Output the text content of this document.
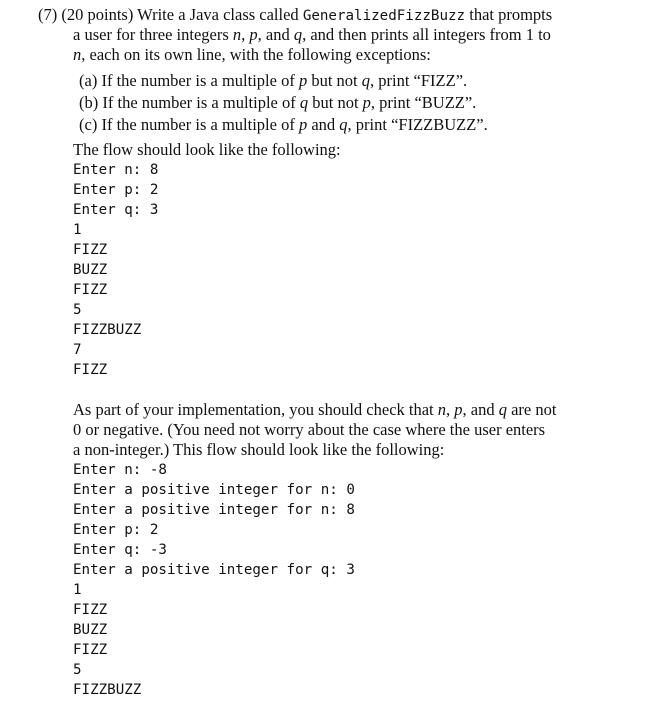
(7) (20 points) Write a Java class called GeneralizedFizzBuzz that prompts
a user for three integers n, p, and q, and then prints all integers from 1 to
n, each on its own line, with the following exceptions:
(a) If the number is a multiple of p but not q, print “FIZZ”.
(b) If the number is a multiple of q but not p, print “BUZZ”.
(c) If the number is a multiple of p and q, print “FIZZBUZZ”.
The flow should look like the following:
Enter n: 8
Enter p: 2
Enter q: 3
1
FIZZ
BUZZ
FIZZ
5
FIZZBUZZ
7
FIZZ
As part of your implementation, you should check that n, p, and q are not
0 or negative. (You need not worry about the case where the user enters
a non-integer.) This flow should look like the following:
Enter n: -8
Enter a positive integer for n: 0
Enter a positive integer for n: 8
Enter p: 2
Enter q: -3
Enter a positive integer for q: 3
1
FIZZ
BUZZ
FIZZ
5
FIZZBUZZ
